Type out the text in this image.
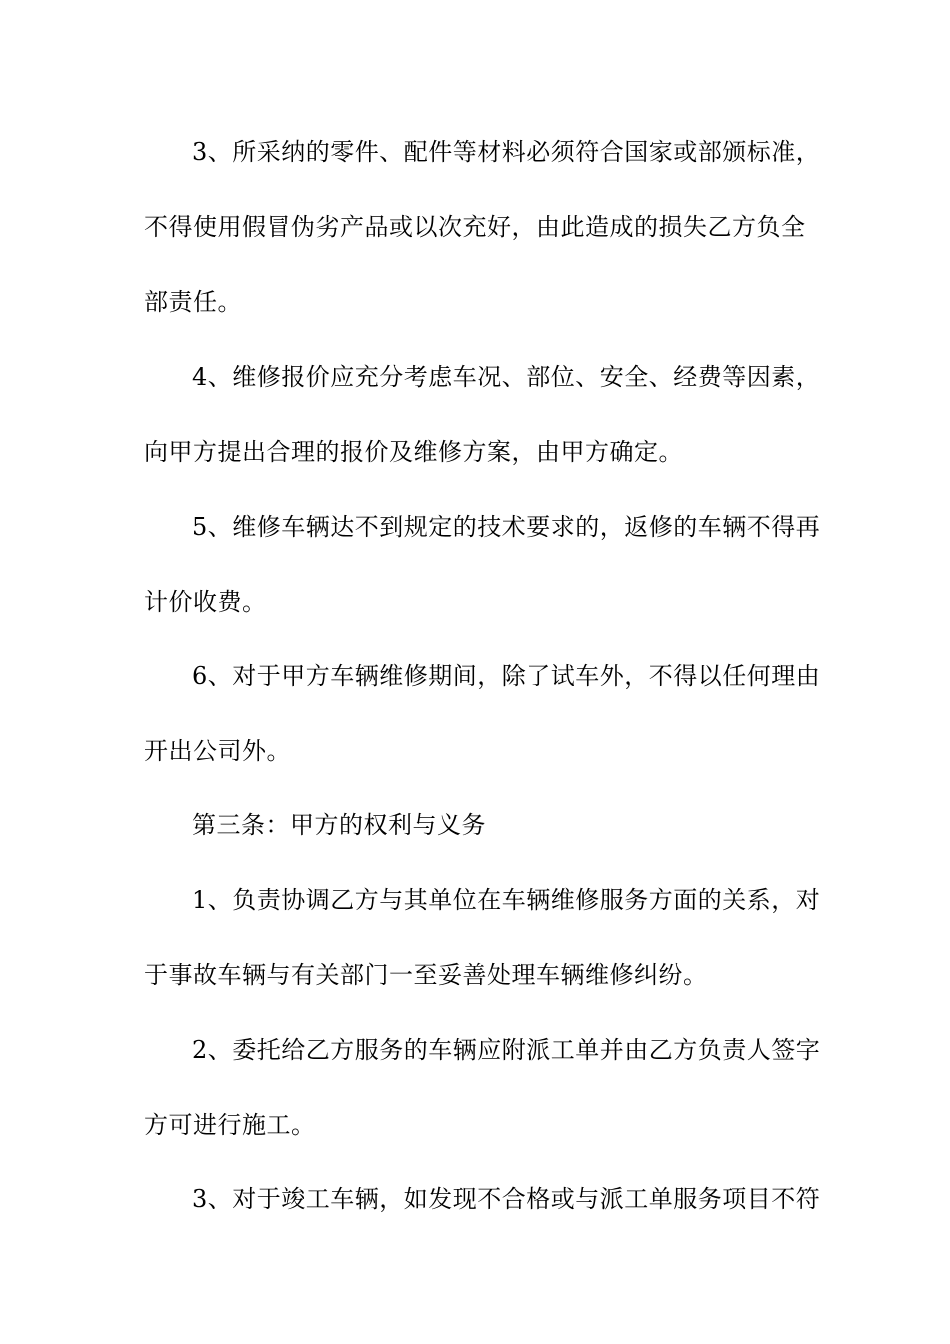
3、所采纳的零件、配件等材料必须符合国家或部颁标准，
不得使用假冒伪劣产品或以次充好，由此造成的损失乙方负全
部责任。
4、维修报价应充分考虑车况、部位、安全、经费等因素，
向甲方提出合理的报价及维修方案，由甲方确定。
5、维修车辆达不到规定的技术要求的，返修的车辆不得再
计价收费。
6、对于甲方车辆维修期间，除了试车外，不得以任何理由
开出公司外。
第三条：甲方的权利与义务
1、负责协调乙方与其单位在车辆维修服务方面的关系，对
于事故车辆与有关部门一至妥善处理车辆维修纠纷。
2、委托给乙方服务的车辆应附派工单并由乙方负责人签字
方可进行施工。
3、对于竣工车辆，如发现不合格或与派工单服务项目不符
